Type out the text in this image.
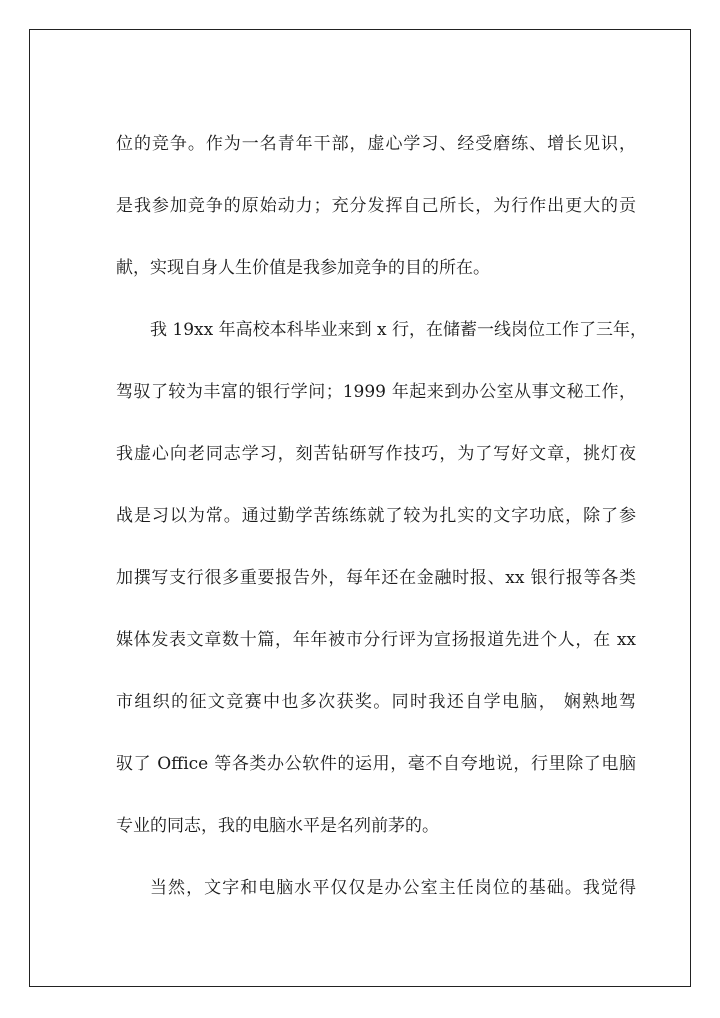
位的竞争。作为一名青年干部，虚心学习、经受磨练、增长见识，
是我参加竞争的原始动力；充分发挥自己所长，为行作出更大的贡
献，实现自身人生价值是我参加竞争的目的所在。
我 19xx 年高校本科毕业来到 x 行，在储蓄一线岗位工作了三年，
驾驭了较为丰富的银行学问；1999 年起来到办公室从事文秘工作，
我虚心向老同志学习，刻苦钻研写作技巧，为了写好文章，挑灯夜
战是习以为常。通过勤学苦练练就了较为扎实的文字功底，除了参
加撰写支行很多重要报告外，每年还在金融时报、xx 银行报等各类
媒体发表文章数十篇，年年被市分行评为宣扬报道先进个人，在 xx
市组织的征文竞赛中也多次获奖。同时我还自学电脑， 娴熟地驾
驭了 Office 等各类办公软件的运用，毫不自夸地说，行里除了电脑
专业的同志，我的电脑水平是名列前茅的。
当然，文字和电脑水平仅仅是办公室主任岗位的基础。我觉得
